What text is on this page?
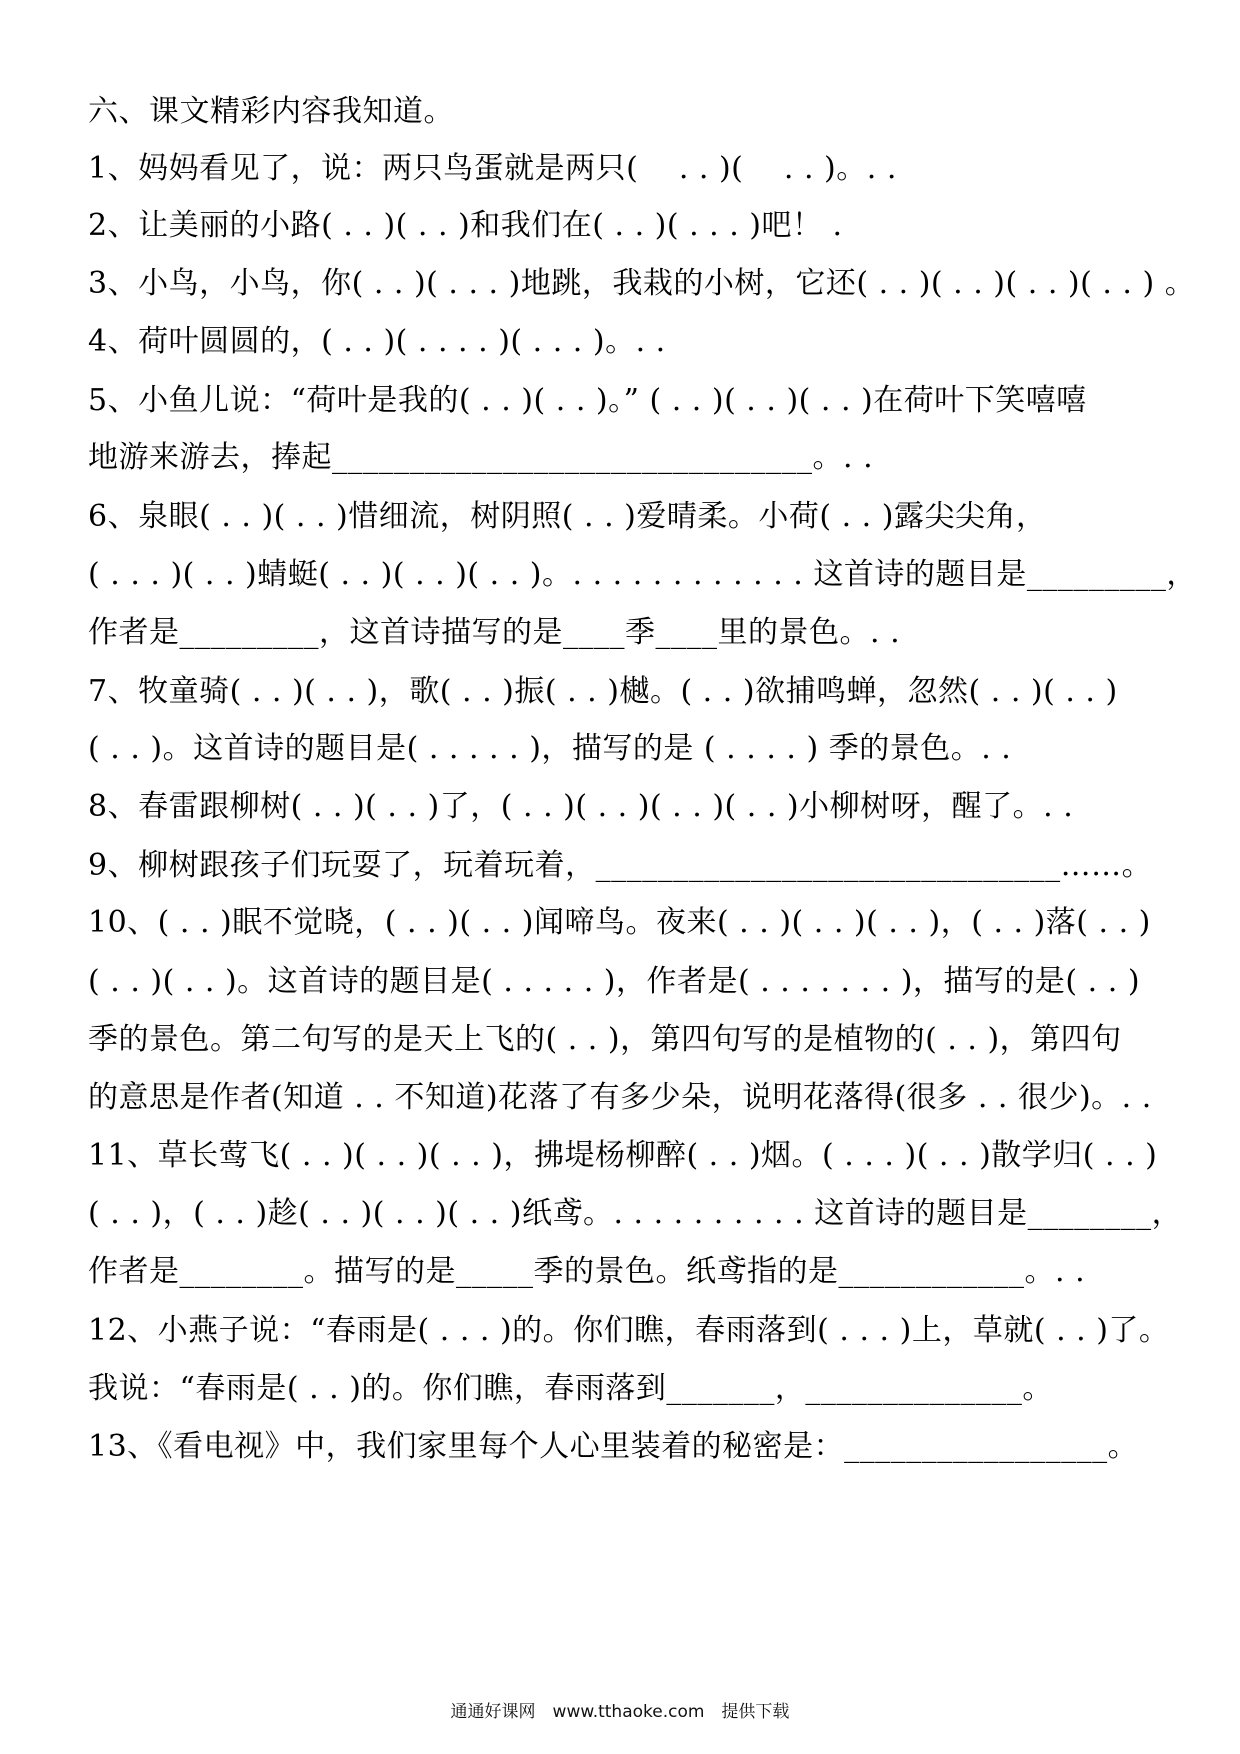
六、课文精彩内容我知道。
1、妈妈看见了，说：两只鸟蛋就是两只(　 . . )(　 . . )。. .
2、让美丽的小路( . . )( . . )和我们在( . . )( . . . )吧！ .
3、小鸟，小鸟，你( . . )( . . . )地跳，我栽的小树，它还( . . )( . . )( . . )( . . ) 。
4、荷叶圆圆的，( . . )( . . . . )( . . . )。. .
5、小鱼儿说：“荷叶是我的( . . )( . . )。” ( . . )( . . )( . . )在荷叶下笑嘻嘻
地游来游去，捧起_______________________________。. .
6、泉眼( . . )( . . )惜细流，树阴照( . . )爱晴柔。小荷( . . )露尖尖角，
( . . . )( . . )蜻蜓( . . )( . . )( . . )。. . . . . . . . . . . . 这首诗的题目是_________，
作者是_________，这首诗描写的是____季____里的景色。. .
7、牧童骑( . . )( . . )，歌( . . )振( . . )樾。( . . )欲捕鸣蝉，忽然( . . )( . . )
( . . )。这首诗的题目是( . . . . . )，描写的是 ( . . . . ) 季的景色。. .
8、春雷跟柳树( . . )( . . )了，( . . )( . . )( . . )( . . )小柳树呀，醒了。. .
9、柳树跟孩子们玩耍了，玩着玩着，______________________________……。
10、( . . )眠不觉晓，( . . )( . . )闻啼鸟。夜来( . . )( . . )( . . )，( . . )落( . . )
( . . )( . . )。这首诗的题目是( . . . . . )，作者是( . . . . . . . )，描写的是( . . )
季的景色。第二句写的是天上飞的( . . )，第四句写的是植物的( . . )，第四句
的意思是作者(知道 . . 不知道)花落了有多少朵，说明花落得(很多 . . 很少)。. .
11、草长莺飞( . . )( . . )( . . )，拂堤杨柳醉( . . )烟。( . . . )( . . )散学归( . . )
( . . )，( . . )趁( . . )( . . )( . . )纸鸢。. . . . . . . . . . 这首诗的题目是________，
作者是________。描写的是_____季的景色。纸鸢指的是____________。. .
12、小燕子说：“春雨是( . . . )的。你们瞧，春雨落到( . . . )上，草就( . . )了。
我说：“春雨是( . . )的。你们瞧，春雨落到_______，______________。
13、《看电视》中，我们家里每个人心里装着的秘密是：_________________。
通通好课网　www.tthaoke.com　提供下载
